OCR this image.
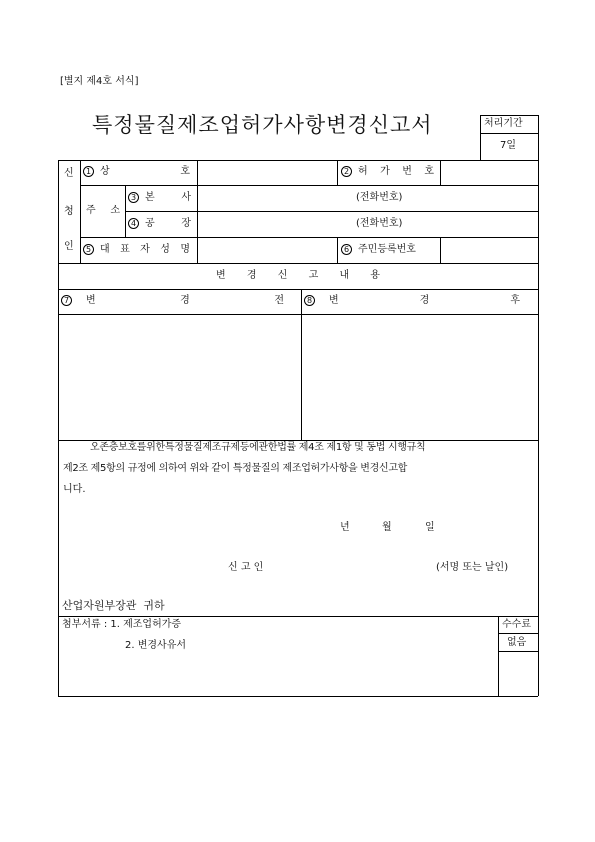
[별지 제4호 서식]
특정물질제조업허가사항변경신고서	처리기간
7일
신
청
인
1 상	호	2 허 가 번 호
주 소
3 본	사	(전화번호)
4 공	장	(전화번호)
5 대 표 자 성 명	6 주민등록번호
변 경 신 고 내 용
7	변	경	전	8	변	경	후
오존층보호를위한특정물질제조규제등에관한법률 제4조 제1항 및 동법 시행규칙
제2조 제5항의 규정에 의하여 위와 같이 특정물질의 제조업허가사항을 변경신고합
니다.
년	월	일
신 고 인	(서명 또는 날인)
산업자원부장관  귀하
첨부서류 : 1. 제조업허가증
2. 변경사유서
수수료
없음
